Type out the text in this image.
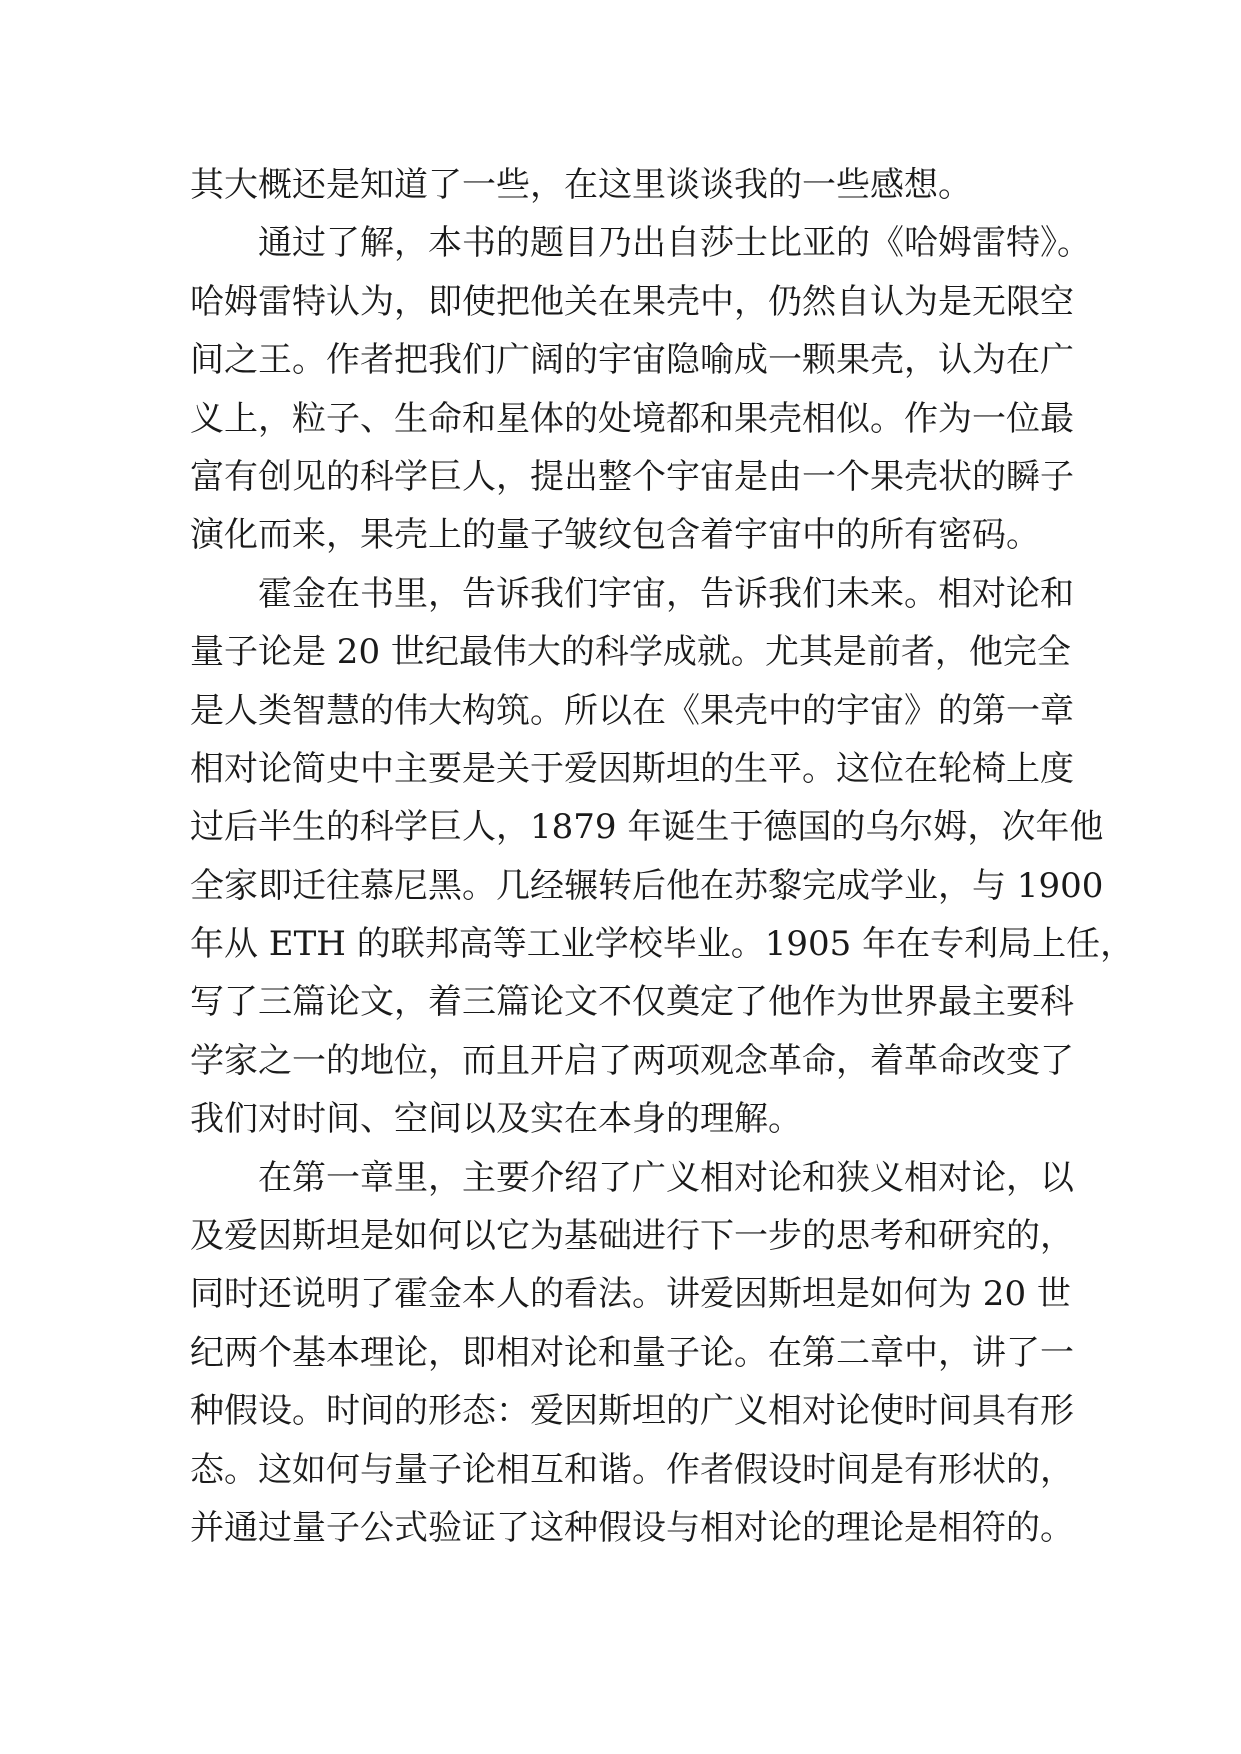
其大概还是知道了一些，在这里谈谈我的一些感想。
通过了解，本书的题目乃出自莎士比亚的《哈姆雷特》。
哈姆雷特认为，即使把他关在果壳中，仍然自认为是无限空
间之王。作者把我们广阔的宇宙隐喻成一颗果壳，认为在广
义上，粒子、生命和星体的处境都和果壳相似。作为一位最
富有创见的科学巨人，提出整个宇宙是由一个果壳状的瞬子
演化而来，果壳上的量子皱纹包含着宇宙中的所有密码。
霍金在书里，告诉我们宇宙，告诉我们未来。相对论和
量子论是 20 世纪最伟大的科学成就。尤其是前者，他完全
是人类智慧的伟大构筑。所以在《果壳中的宇宙》的第一章
相对论简史中主要是关于爱因斯坦的生平。这位在轮椅上度
过后半生的科学巨人，1879 年诞生于德国的乌尔姆，次年他
全家即迁往慕尼黑。几经辗转后他在苏黎完成学业，与 1900
年从 ETH 的联邦高等工业学校毕业。1905 年在专利局上任，
写了三篇论文，着三篇论文不仅奠定了他作为世界最主要科
学家之一的地位，而且开启了两项观念革命，着革命改变了
我们对时间、空间以及实在本身的理解。
在第一章里，主要介绍了广义相对论和狭义相对论，以
及爱因斯坦是如何以它为基础进行下一步的思考和研究的，
同时还说明了霍金本人的看法。讲爱因斯坦是如何为 20 世
纪两个基本理论，即相对论和量子论。在第二章中，讲了一
种假设。时间的形态：爱因斯坦的广义相对论使时间具有形
态。这如何与量子论相互和谐。作者假设时间是有形状的，
并通过量子公式验证了这种假设与相对论的理论是相符的。
